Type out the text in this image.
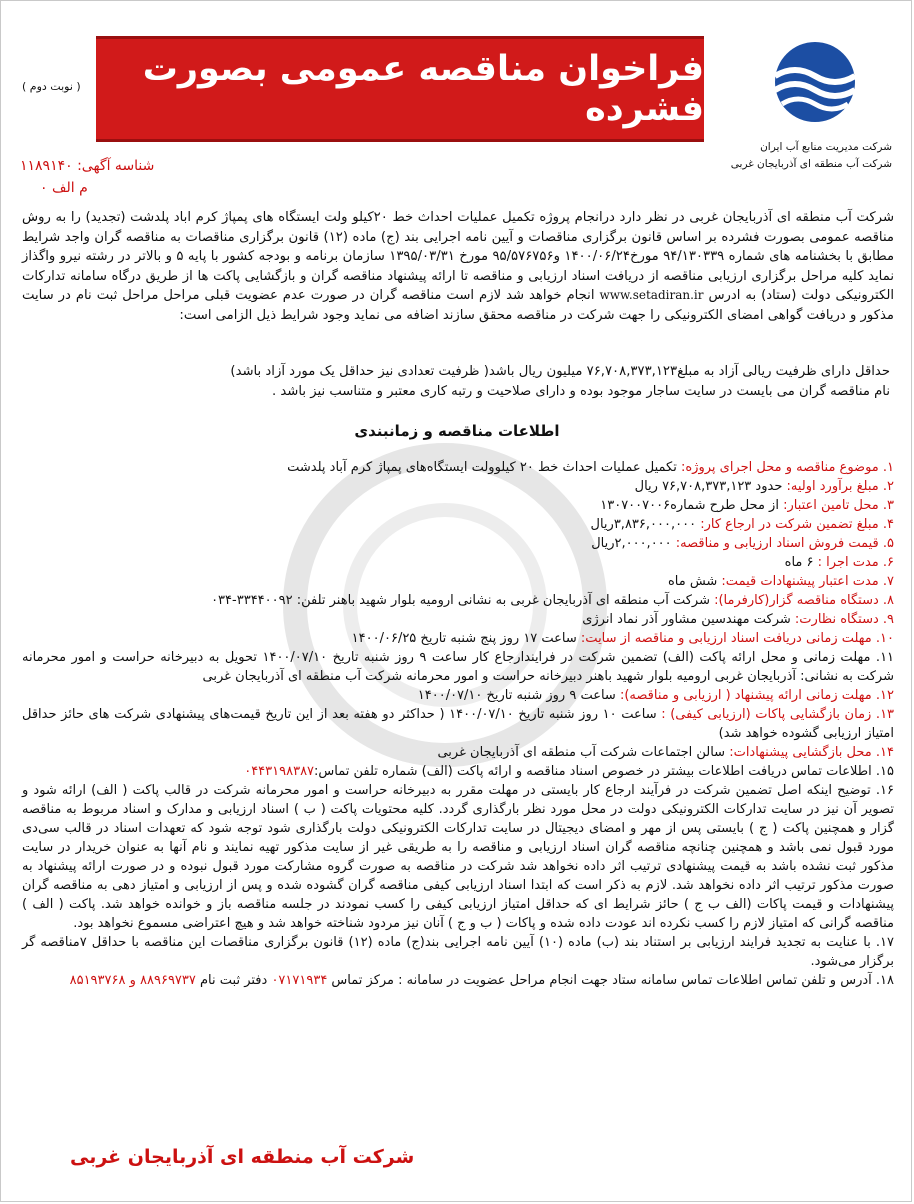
فراخوان مناقصه عمومی بصورت فشرده
شرکت مدیریت منابع آب ایران
شرکت آب منطقه ای آذربایجان غربی
( نوبت دوم )
شناسه آگهی: ۱۱۸۹۱۴۰
م الف ۰
شرکت آب منطقه ای آذربایجان غربی در نظر دارد درانجام پروژه تکمیل عملیات احداث خط ۲۰کیلو ولت ایستگاه های پمپاژ کرم اباد پلدشت (تجدید) را به روش مناقصه عمومی بصورت فشرده بر اساس قانون برگزاری مناقصات و آیین نامه اجرایی بند (ج) ماده (۱۲) قانون برگزاری مناقصات به مناقصه گران واجد شرایط مطابق با بخشنامه های شماره ۹۴/۱۳۰۳۳۹ مورخ۱۴۰۰/۰۶/۲۴ و۹۵/۵۷۶۷۵۶ مورخ ۱۳۹۵/۰۳/۳۱ سازمان برنامه و بودجه کشور با پایه ۵ و بالاتر در رشته نیرو واگذاز نماید کلیه مراحل برگزاری ارزیابی مناقصه از دریافت اسناد ارزیابی و مناقصه تا ارائه پیشنهاد مناقصه گران و بازگشایی پاکت ها از طریق درگاه سامانه تدارکات الکترونیکی دولت (ستاد) به ادرس www.setadiran.ir انجام خواهد شد لازم است مناقصه گران در صورت عدم عضویت قبلی مراحل مراحل ثبت نام در سایت مذکور و دریافت گواهی امضای الکترونیکی را جهت شرکت در مناقصه محقق سازند اضافه می نماید وجود شرایط ذیل الزامی است:
حداقل دارای ظرفیت ریالی آزاد به مبلغ۷۶,۷۰۸,۳۷۳,۱۲۳ میلیون ریال باشد( ظرفیت تعدادی نیز حداقل یک مورد آزاد باشد)
نام مناقصه گران می بایست در سایت ساجار موجود بوده و دارای صلاحیت و رتبه کاری معتبر و متناسب نیز باشد .
اطلاعات مناقصه و زمانبندی
۱. موضوع مناقصه و محل اجرای پروژه: تکمیل عملیات احداث خط ۲۰ کیلوولت ایستگاه‌های پمپاژ کرم آباد پلدشت
۲. مبلغ برآورد اولیه: حدود ۷۶,۷۰۸,۳۷۳,۱۲۳ ریال
۳. محل تامین اعتبار: از محل طرح شماره۱۳۰۷۰۰۷۰۰۶
۴. مبلغ تضمین شرکت در ارجاع کار: ۳,۸۳۶,۰۰۰,۰۰۰ریال
۵. قیمت فروش اسناد ارزیابی و مناقصه: ۲,۰۰۰,۰۰۰ریال
۶. مدت اجرا : ۶ ماه
۷. مدت اعتبار پیشنهادات قیمت: شش ماه
۸. دستگاه مناقصه گزار(کارفرما): شرکت آب منطقه ای آذربایجان غربی به نشانی ارومیه بلوار شهید باهنر تلفن: ۳۳۴۴۰۰۹۲-۰۳۴
۹. دستگاه نظارت: شرکت مهندسین مشاور آذر نماد انرژی
۱۰. مهلت زمانی دریافت اسناد ارزیابی و مناقصه از سایت: ساعت ۱۷ روز پنج شنبه تاریخ ۱۴۰۰/۰۶/۲۵
۱۱. مهلت زمانی و محل ارائه پاکت (الف) تضمین شرکت در فرایندارجاع کار ساعت ۹ روز شنبه تاریخ ۱۴۰۰/۰۷/۱۰ تحویل به دبیرخانه حراست و امور محرمانه شرکت به نشانی: آذربایجان غربی ارومیه بلوار شهید باهنر دبیرخانه حراست و امور محرمانه شرکت آب منطقه ای آذربایجان غربی
۱۲. مهلت زمانی ارائه پیشنهاد ( ارزیابی و مناقصه): ساعت ۹ روز شنبه تاریخ ۱۴۰۰/۰۷/۱۰
۱۳. زمان بازگشایی پاکات (ارزیابی کیفی) : ساعت ۱۰ روز شنبه تاریخ ۱۴۰۰/۰۷/۱۰ ( حداکثر دو هفته بعد از این تاریخ قیمت‌های پیشنهادی شرکت های حائز حداقل امتیاز ارزیابی گشوده خواهد شد)
۱۴. محل بازگشایی پیشنهادات: سالن اجتماعات شرکت آب منطقه ای آذربایجان غربی
۱۵. اطلاعات تماس دریافت اطلاعات بیشتر در خصوص اسناد مناقصه و ارائه پاکت (الف) شماره تلفن تماس:۰۴۴۳۱۹۸۳۸۷
۱۶. توضیح اینکه اصل تضمین شرکت در فرآیند ارجاع کار بایستی در مهلت مقرر به دبیرخانه حراست و امور محرمانه شرکت در قالب پاکت ( الف) ارائه شود و تصویر آن نیز در سایت تدارکات الکترونیکی دولت در محل مورد نظر بارگذاری گردد. کلیه محتویات پاکت ( ب ) اسناد ارزیابی و مدارک و اسناد مربوط به مناقصه گزار و همچنین پاکت ( ج ) بایستی پس از مهر و امضای دیجیتال در سایت تدارکات الکترونیکی دولت بارگذاری شود توجه شود که تعهدات اسناد در قالب سی‌دی مورد قبول نمی باشد و همچنین چنانچه مناقصه گران اسناد ارزیابی و مناقصه را به طریقی غیر از سایت مذکور تهیه نمایند و نام آنها به عنوان خریدار در سایت مذکور ثبت نشده باشد به قیمت پیشنهادی ترتیب اثر داده نخواهد شد شرکت در مناقصه به صورت گروه مشارکت مورد قبول نبوده و در صورت ارائه پیشنهاد به صورت مذکور ترتیب اثر داده نخواهد شد. لازم به ذکر است که ابتدا اسناد ارزیابی کیفی مناقصه گران گشوده شده و پس از ارزیابی و امتیاز دهی به مناقصه گران پیشنهادات و قیمت پاکات (الف ب ج ) حائز شرایط ای که حداقل امتیاز ارزیابی کیفی را کسب نمودند در جلسه مناقصه باز و خوانده خواهد شد. پاکت ( الف ) مناقصه گرانی که امتیاز لازم را کسب نکرده اند عودت داده شده و پاکات ( ب و ج ) آنان نیز مردود شناخته خواهد شد و هیچ اعتراضی مسموع نخواهد بود.
۱۷. با عنایت به تجدید فرایند ارزیابی بر استناد بند (ب) ماده (۱۰) آیین نامه اجرایی بند(ج) ماده (۱۲) قانون برگزاری مناقصات این مناقصه با حداقل ۷مناقصه گر برگزار می‌شود.
۱۸. آدرس و تلفن تماس اطلاعات تماس سامانه ستاد جهت انجام مراحل عضویت در سامانه : مرکز تماس ۰۷۱۷۱۹۳۴ دفتر ثبت نام ۸۸۹۶۹۷۳۷ و ۸۵۱۹۳۷۶۸
شرکت آب منطقه ای آذربایجان غربی
